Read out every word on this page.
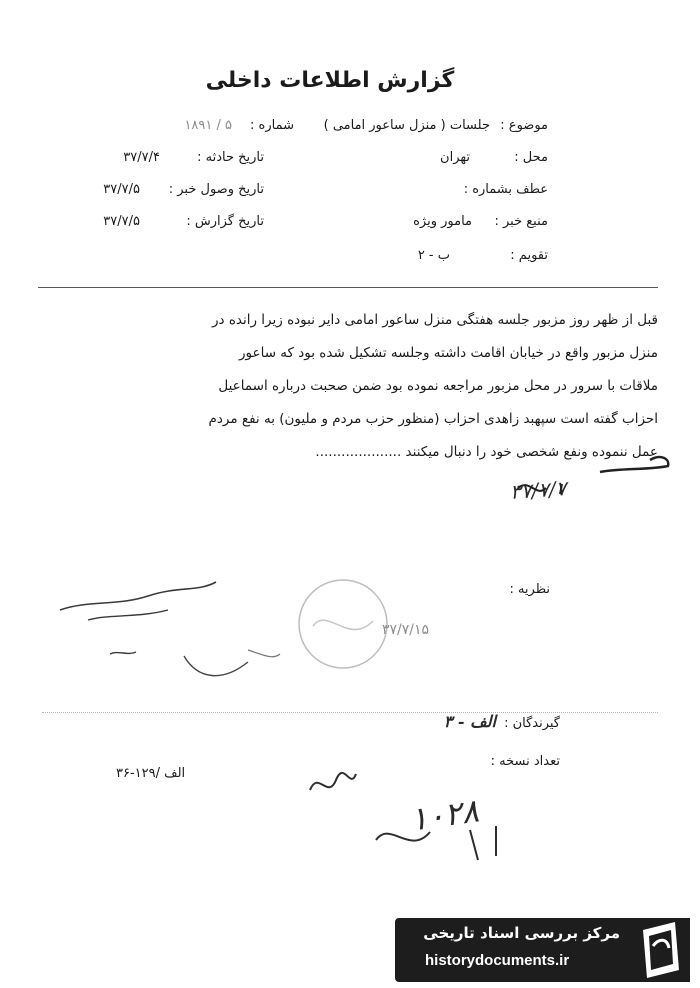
گزارش اطلاعات داخلی
موضوع :
جلسات ( منزل ساعور امامی )
شماره :
۱۸۹۱ / ۵
محل :
تهران
تاریخ حادثه :
۳۷/۷/۴
عطف بشماره :
تاریخ وصول خبر :
۳۷/۷/۵
منبع خبر :
مامور ویژه
تاریخ گزارش :
۳۷/۷/۵
تقویم :
ب - ۲
قبل از ظهر روز مزبور جلسه هفتگی منزل ساعور امامی دایر نبوده زیرا رانده در
منزل مزبور واقع در خیابان اقامت داشته وجلسه تشکیل شده بود که ساعور
ملاقات با سرور در محل مزبور مراجعه نموده بود ضمن صحبت درباره اسماعیل
احزاب گفته است سپهبد زاهدی احزاب (منظور حزب مردم و ملیون) به نفع مردم
عمل ننموده ونفع شخصی خود را دنبال میکنند ....................
۳۷/۷/۷
نظریه :
۳۷/۷/۱۵
گیرندگان :
الف - ۳
تعداد نسخه :
۳۶-۱۲۹/ الف
۱۰۲۸
مرکز بررسی اسناد تاریخی
historydocuments.ir
